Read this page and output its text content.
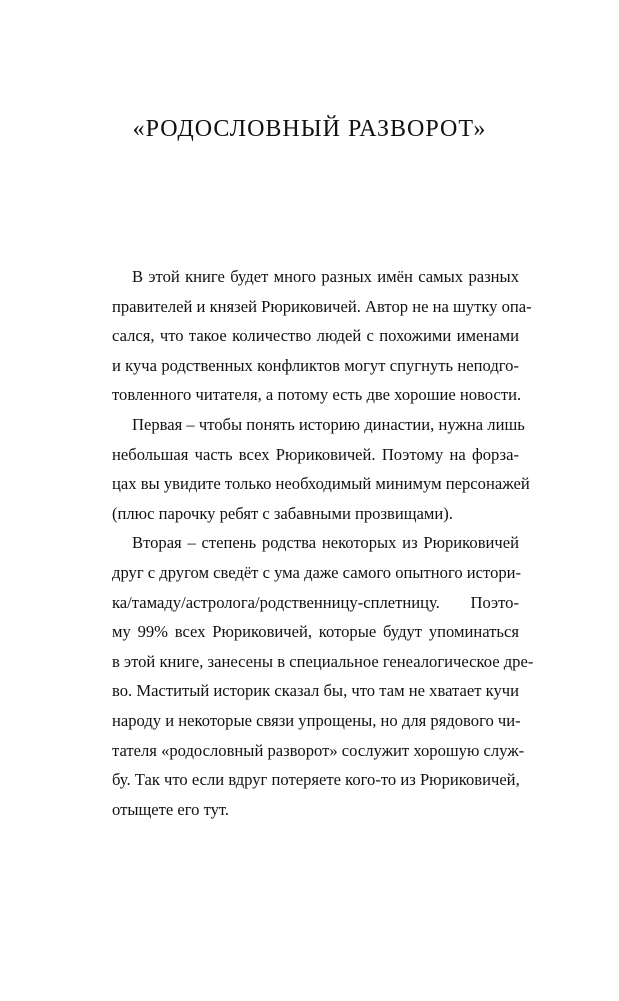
«РОДОСЛОВНЫЙ РАЗВОРОТ»
В этой книге будет много разных имён самых разных
правителей и князей Рюриковичей. Автор не на шутку опа-
сался, что такое количество людей с похожими именами
и куча родственных конфликтов могут спугнуть неподго-
товленного читателя, а потому есть две хорошие новости.
Первая – чтобы понять историю династии, нужна лишь
небольшая часть всех Рюриковичей. Поэтому на форза-
цах вы увидите только необходимый минимум персонажей
(плюс парочку ребят с забавными прозвищами).
Вторая – степень родства некоторых из Рюриковичей
друг с другом сведёт с ума даже самого опытного истори-
ка/тамаду/астролога/родственницу-сплетницу. Поэто-
му 99% всех Рюриковичей, которые будут упоминаться
в этой книге, занесены в специальное генеалогическое дре-
во. Маститый историк сказал бы, что там не хватает кучи
народу и некоторые связи упрощены, но для рядового чи-
тателя «родословный разворот» сослужит хорошую служ-
бу. Так что если вдруг потеряете кого-то из Рюриковичей,
отыщете его тут.
